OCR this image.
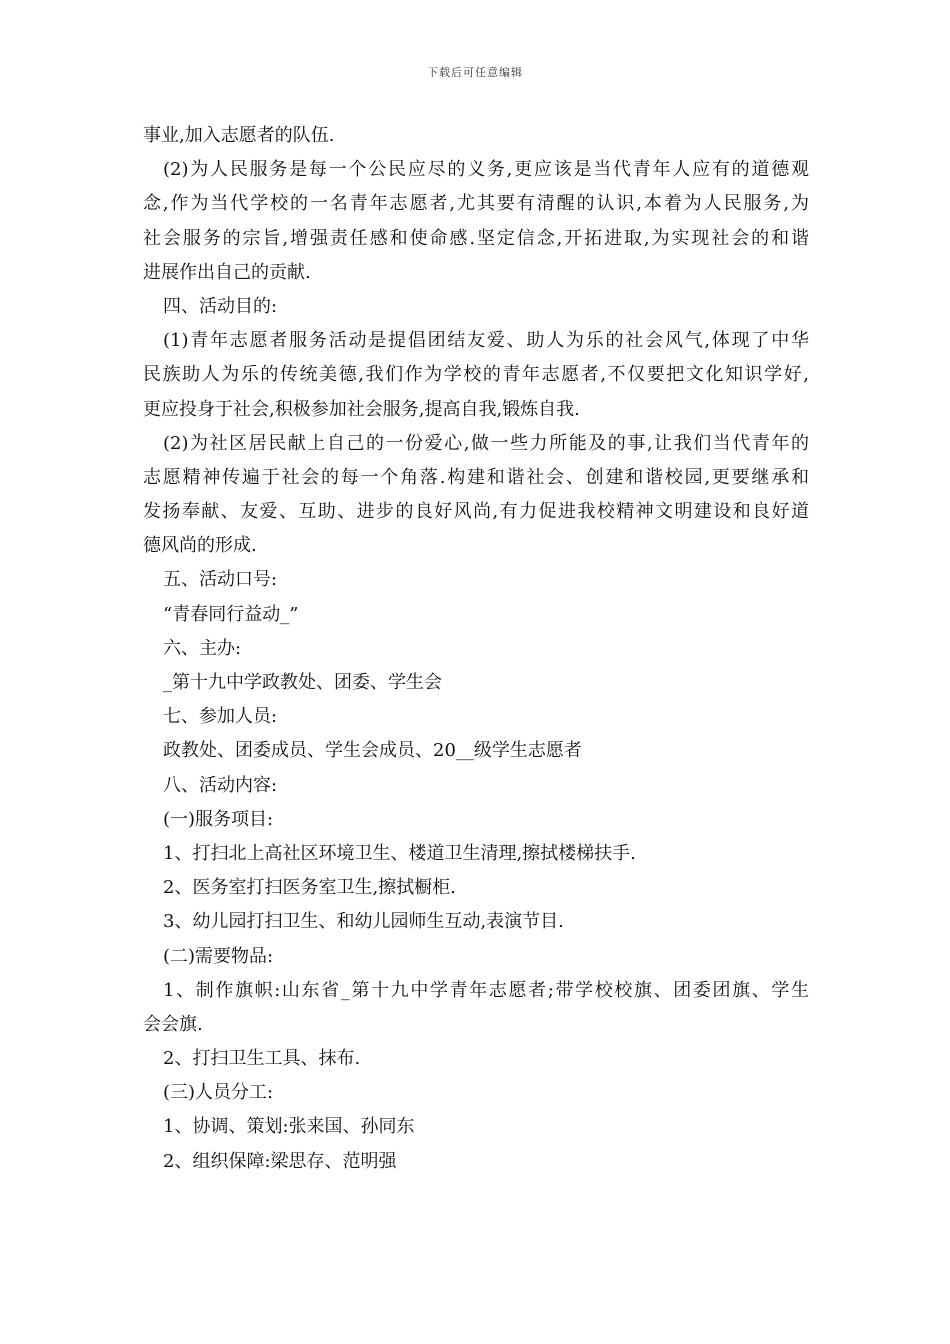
下载后可任意编辑
事业,加入志愿者的队伍.
(2)为人民服务是每一个公民应尽的义务,更应该是当代青年人应有的道德观
念,作为当代学校的一名青年志愿者,尤其要有清醒的认识,本着为人民服务,为
社会服务的宗旨,增强责任感和使命感.坚定信念,开拓进取,为实现社会的和谐
进展作出自己的贡献.
四、活动目的:
(1)青年志愿者服务活动是提倡团结友爱、助人为乐的社会风气,体现了中华
民族助人为乐的传统美德,我们作为学校的青年志愿者,不仅要把文化知识学好,
更应投身于社会,积极参加社会服务,提高自我,锻炼自我.
(2)为社区居民献上自己的一份爱心,做一些力所能及的事,让我们当代青年的
志愿精神传遍于社会的每一个角落.构建和谐社会、创建和谐校园,更要继承和
发扬奉献、友爱、互助、进步的良好风尚,有力促进我校精神文明建设和良好道
德风尚的形成.
五、活动口号:
“青春同行益动_”
六、主办:
_第十九中学政教处、团委、学生会
七、参加人员:
政教处、团委成员、学生会成员、20__级学生志愿者
八、活动内容:
(一)服务项目:
1、打扫北上高社区环境卫生、楼道卫生清理,擦拭楼梯扶手.
2、医务室打扫医务室卫生,擦拭橱柜.
3、幼儿园打扫卫生、和幼儿园师生互动,表演节目.
(二)需要物品:
1、制作旗帜:山东省_第十九中学青年志愿者;带学校校旗、团委团旗、学生
会会旗.
2、打扫卫生工具、抹布.
(三)人员分工:
1、协调、策划:张来国、孙同东
2、组织保障:梁思存、范明强
